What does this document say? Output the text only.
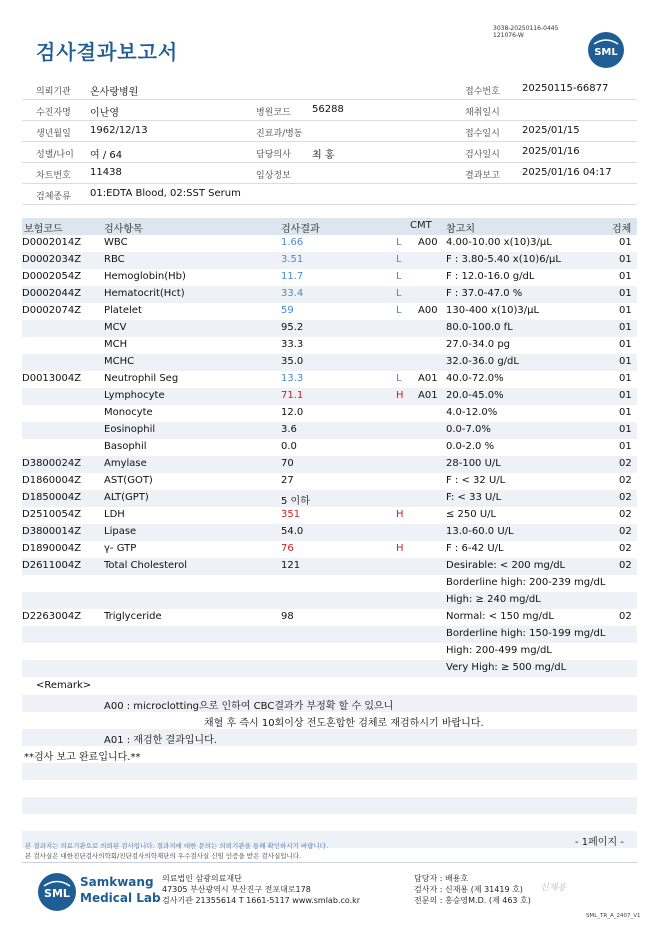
검사결과보고서
3038-20250116-0445
121076-W
SML
의뢰기관 온사랑병원	접수번호 20250115-66877
수진자명 이난영	병원코드 56288	채취일시
생년월일 1962/12/13	진료과/병동	접수일시 2025/01/15
성별/나이 여 / 64	담당의사 최 홍	검사일시 2025/01/16
차트번호 11438	임상정보	결과보고 2025/01/16 04:17
검체종류 01:EDTA Blood, 02:SST Serum
보험코드	검사항목	검사결과	CMT 참고치	검체
D0002014Z WBC	1.66	L A00 4.00-10.00 x(10)3/µL	01
D0002034Z RBC	3.51	L	F : 3.80-5.40 x(10)6/µL	01
D0002054Z Hemoglobin(Hb)	11.7	L	F : 12.0-16.0 g/dL	01
D0002044Z Hematocrit(Hct)	33.4	L	F : 37.0-47.0 %	01
D0002074Z Platelet	59	L A00 130-400 x(10)3/µL	01
MCV	95.2	80.0-100.0 fL	01
MCH	33.3	27.0-34.0 pg	01
MCHC	35.0	32.0-36.0 g/dL	01
D0013004Z Neutrophil Seg	13.3	L A01 40.0-72.0%	01
Lymphocyte	71.1	H A01 20.0-45.0%	01
Monocyte	12.0	4.0-12.0%	01
Eosinophil	3.6	0.0-7.0%	01
Basophil	0.0	0.0-2.0 %	01
D3800024Z Amylase	70	28-100 U/L	02
D1860004Z AST(GOT)	27	F : < 32 U/L	02
D1850004Z ALT(GPT)	5 이하	F: < 33 U/L	02
D2510054Z LDH	351	H	≤ 250 U/L	02
D3800014Z Lipase	54.0	13.0-60.0 U/L	02
D1890004Z γ- GTP	76	H	F : 6-42 U/L	02
D2611004Z Total Cholesterol	121	Desirable: < 200 mg/dL	02
Borderline high: 200-239 mg/dL
High: ≥ 240 mg/dL
D2263004Z Triglyceride	98	Normal: < 150 mg/dL	02
Borderline high: 150-199 mg/dL
High: 200-499 mg/dL
Very High: ≥ 500 mg/dL
<Remark>
A00 : microclotting으로 인하여 CBC결과가 부정확 할 수 있으니
채혈 후 즉시 10회이상 전도혼합한 검체로 재검하시기 바랍니다.
A01 : 재검한 결과입니다.
**검사 보고 완료입니다.**
본 결과지는 의료기관으로 의뢰된 검사입니다. 결과지에 대한 문의는 의뢰기관을 통해 확인하시기 바랍니다.
본 검사실은 대한진단검사의학회/진단검사의학재단의 우수검사실 신임 인증을 받은 검사실입니다.
- 1페이지 -
SML
Samkwang
Medical Lab
의료법인 삼광의료재단
47305 부산광역시 부산진구 전포대로178
검사기관 21355614 T 1661-5117 www.smlab.co.kr
담당자 : 배용호
검사자 : 신재용 (제 31419 호)
전문의 : 홍승영M.D. (제 463 호)
신재용
SML_TR_A_2407_V1
